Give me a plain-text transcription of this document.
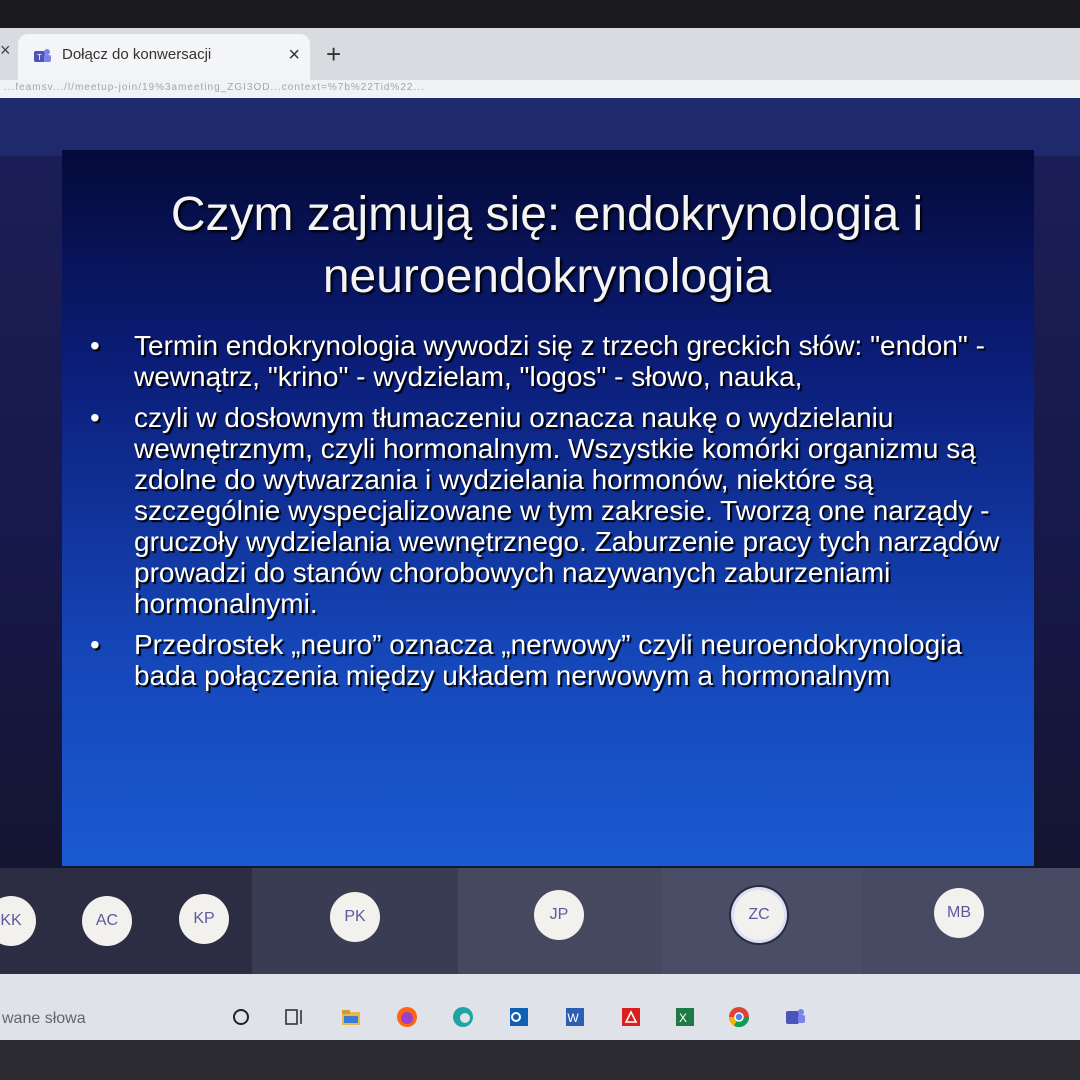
×	T Dołącz do konwersacji	× +
...feamsv.../l/meetup-join/19%3ameeting_ZGI3OD...context=%7b%22Tid%22...
Czym zajmują się: endokrynologia i neuroendokrynologia
• Termin endokrynologia wywodzi się z trzech greckich słów: "endon" - wewnątrz, "krino" - wydzielam, "logos" - słowo, nauka,
• czyli w dosłownym tłumaczeniu oznacza naukę o wydzielaniu wewnętrznym, czyli hormonalnym. Wszystkie komórki organizmu są zdolne do wytwarzania i wydzielania hormonów, niektóre są szczególnie wyspecjalizowane w tym zakresie. Tworzą one narządy - gruczoły wydzielania wewnętrznego. Zaburzenie pracy tych narządów prowadzi do stanów chorobowych nazywanych zaburzeniami hormonalnymi.
• Przedrostek „neuro” oznacza „nerwowy” czyli neuroendokrynologia bada połączenia między układem nerwowym a hormonalnym
KK	AC	KP	PK	JP	ZC	MB
wane słowa	W	X
